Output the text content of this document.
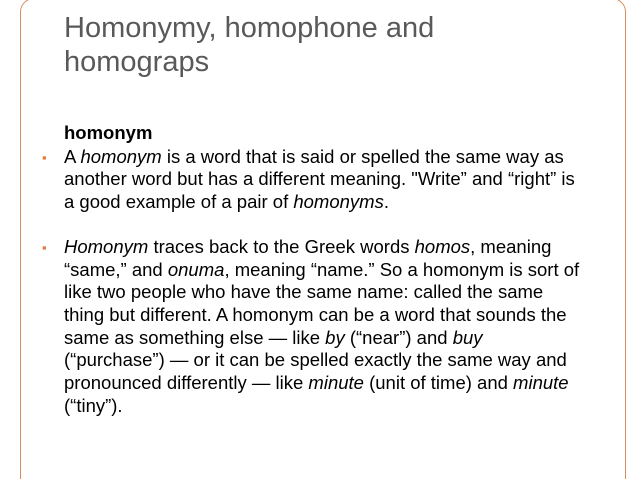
Homonymy, homophone and homograps
homonym
▪ A homonym is a word that is said or spelled the same way as another word but has a different meaning. "Write” and “right” is a good example of a pair of homonyms.
▪ Homonym traces back to the Greek words homos, meaning “same,” and onuma, meaning “name.” So a homonym is sort of like two people who have the same name: called the same thing but different. A homonym can be a word that sounds the same as something else — like by (“near”) and buy (“purchase”) — or it can be spelled exactly the same way and pronounced differently — like minute (unit of time) and minute (“tiny”).
